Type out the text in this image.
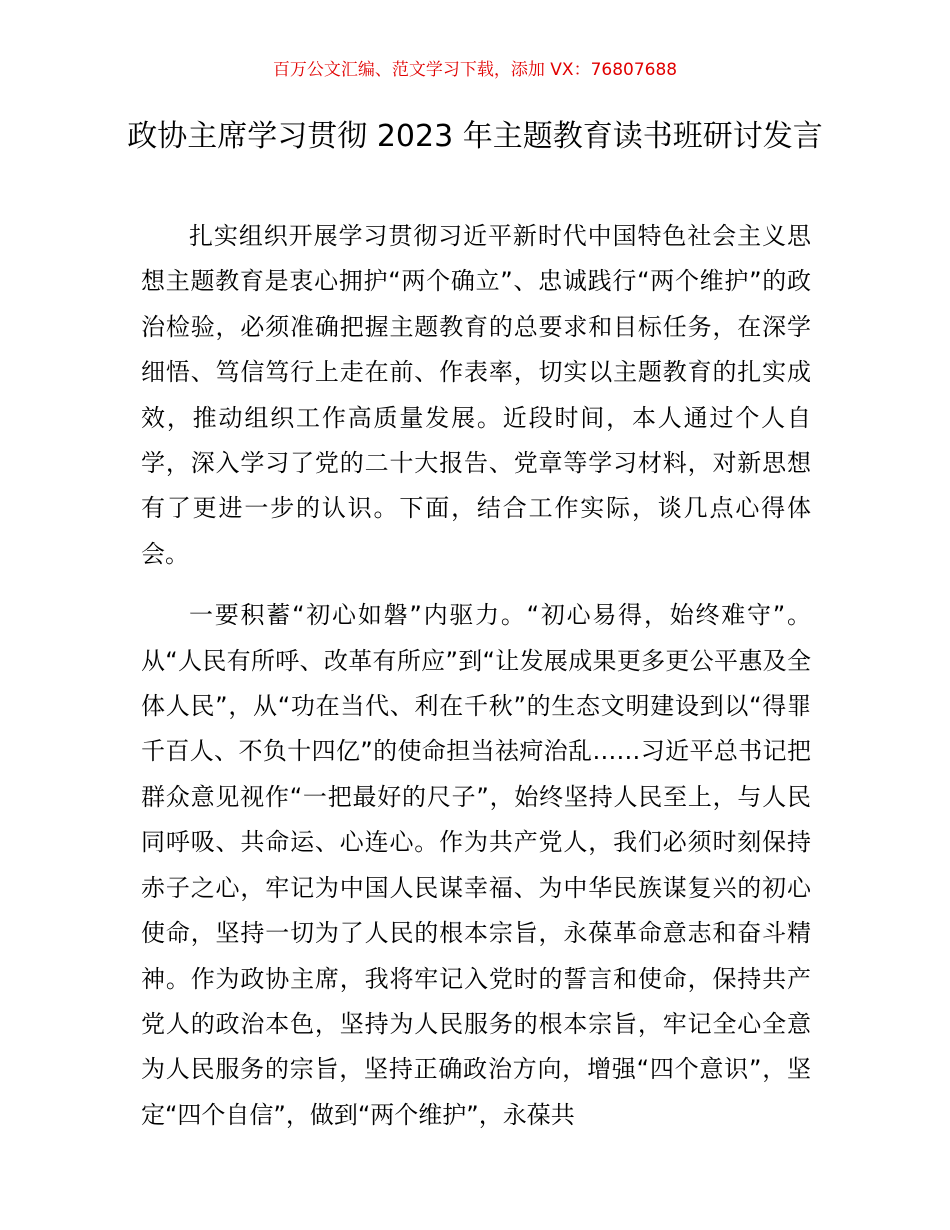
百万公文汇编、范文学习下载，添加 VX：76807688
政协主席学习贯彻 2023 年主题教育读书班研讨发言

扎实组织开展学习贯彻习近平新时代中国特色社会主义思想主题教育是衷心拥护“两个确立”、忠诚践行“两个维护”的政治检验，必须准确把握主题教育的总要求和目标任务，在深学细悟、笃信笃行上走在前、作表率，切实以主题教育的扎实成效，推动组织工作高质量发展。近段时间，本人通过个人自学，深入学习了党的二十大报告、党章等学习材料，对新思想有了更进一步的认识。下面，结合工作实际，谈几点心得体会。

一要积蓄“初心如磐”内驱力。“初心易得，始终难守”。从“人民有所呼、改革有所应”到“让发展成果更多更公平惠及全体人民”，从“功在当代、利在千秋”的生态文明建设到以“得罪千百人、不负十四亿”的使命担当祛疴治乱……习近平总书记把群众意见视作“一把最好的尺子”，始终坚持人民至上，与人民同呼吸、共命运、心连心。作为共产党人，我们必须时刻保持赤子之心，牢记为中国人民谋幸福、为中华民族谋复兴的初心使命，坚持一切为了人民的根本宗旨，永葆革命意志和奋斗精神。作为政协主席，我将牢记入党时的誓言和使命，保持共产党人的政治本色，坚持为人民服务的根本宗旨，牢记全心全意为人民服务的宗旨，坚持正确政治方向，增强“四个意识”，坚定“四个自信”，做到“两个维护”，永葆共
